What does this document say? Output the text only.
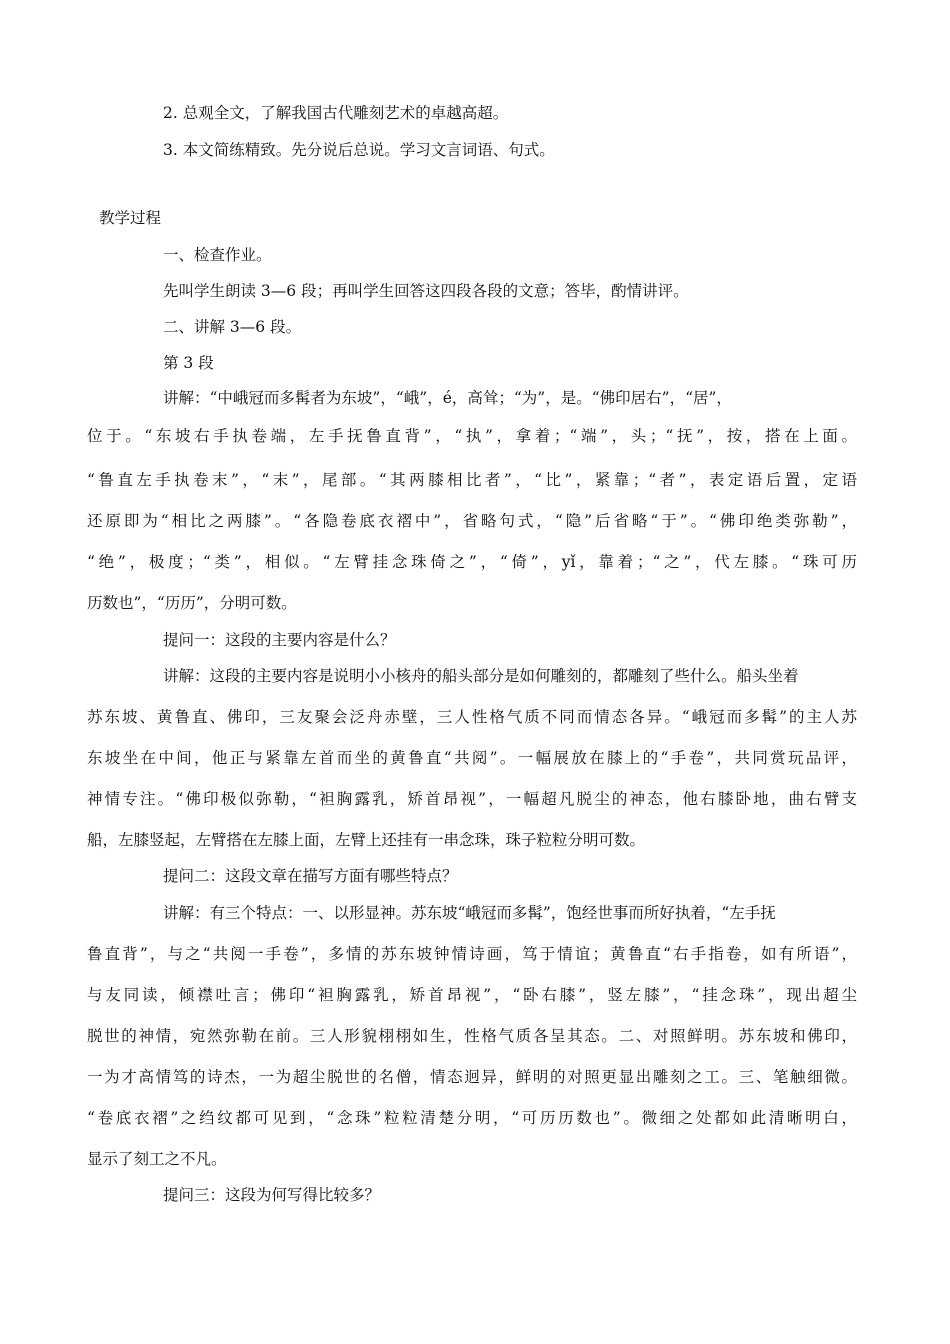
2. 总观全文，了解我国古代雕刻艺术的卓越高超。
3. 本文简练精致。先分说后总说。学习文言词语、句式。
教学过程
一、检查作业。
先叫学生朗读 3—6 段；再叫学生回答这四段各段的文意；答毕，酌情讲评。
二、讲解 3—6 段。
第 3 段
讲解：“中峨冠而多髯者为东坡”，“峨”，é，高耸；“为”，是。“佛印居右”，“居”，
位于。“东坡右手执卷端，左手抚鲁直背”，“执”，拿着；“端”，头；“抚”，按，搭在上面。
“鲁直左手执卷末”，“末”，尾部。“其两膝相比者”，“比”，紧靠；“者”，表定语后置，定语
还原即为“相比之两膝”。“各隐卷底衣褶中”，省略句式，“隐”后省略“于”。“佛印绝类弥勒”，
“绝”，极度；“类”，相似。“左臂挂念珠倚之”，“倚”，yǐ，靠着；“之”，代左膝。“珠可历
历数也”，“历历”，分明可数。
提问一：这段的主要内容是什么？
讲解：这段的主要内容是说明小小核舟的船头部分是如何雕刻的，都雕刻了些什么。船头坐着
苏东坡、黄鲁直、佛印，三友聚会泛舟赤壁，三人性格气质不同而情态各异。“峨冠而多髯”的主人苏
东坡坐在中间，他正与紧靠左首而坐的黄鲁直“共阅”。一幅展放在膝上的“手卷”，共同赏玩品评，
神情专注。“佛印极似弥勒，“袒胸露乳，矫首昂视”，一幅超凡脱尘的神态，他右膝卧地，曲右臂支
船，左膝竖起，左臂搭在左膝上面，左臂上还挂有一串念珠，珠子粒粒分明可数。
提问二：这段文章在描写方面有哪些特点？
讲解：有三个特点：一、以形显神。苏东坡“峨冠而多髯”，饱经世事而所好执着，“左手抚
鲁直背”，与之“共阅一手卷”，多情的苏东坡钟情诗画，笃于情谊；黄鲁直“右手指卷，如有所语”，
与友同读，倾襟吐言；佛印“袒胸露乳，矫首昂视”，“卧右膝”，竖左膝”，“挂念珠”，现出超尘
脱世的神情，宛然弥勒在前。三人形貌栩栩如生，性格气质各呈其态。二、对照鲜明。苏东坡和佛印，
一为才高情笃的诗杰，一为超尘脱世的名僧，情态迥异，鲜明的对照更显出雕刻之工。三、笔触细微。
“卷底衣褶”之绉纹都可见到，“念珠”粒粒清楚分明，“可历历数也”。微细之处都如此清晰明白，
显示了刻工之不凡。
提问三：这段为何写得比较多？
